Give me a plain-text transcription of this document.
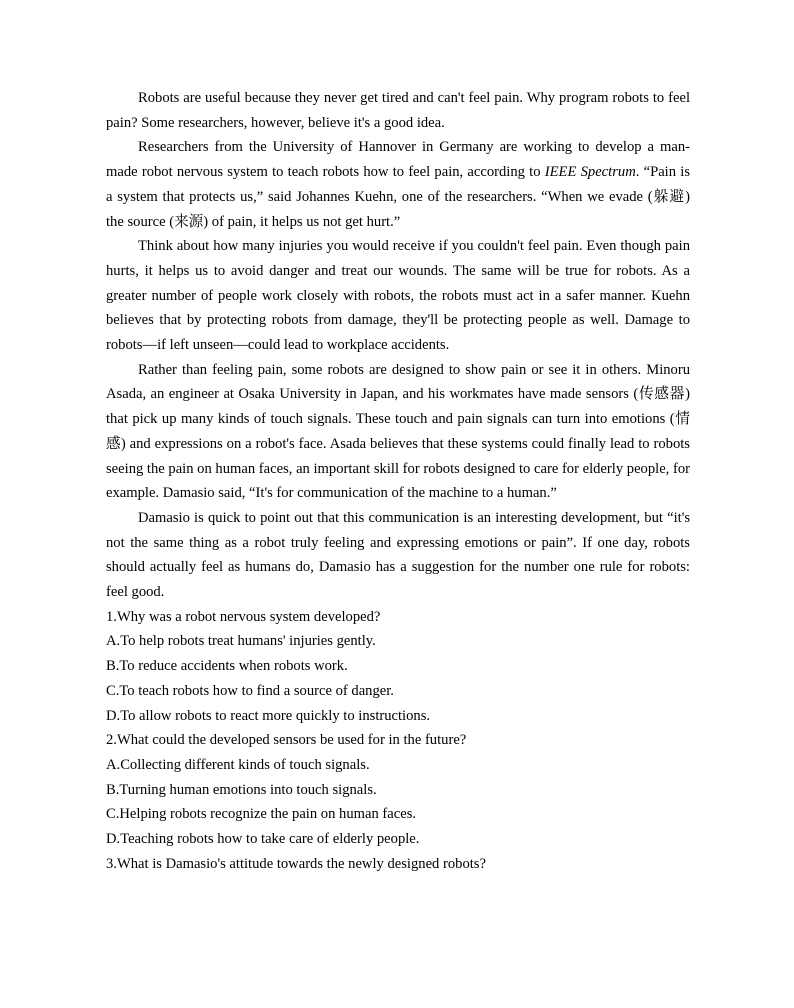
Robots are useful because they never get tired and can't feel pain. Why program robots to feel pain? Some researchers, however, believe it's a good idea.

Researchers from the University of Hannover in Germany are working to develop a man-made robot nervous system to teach robots how to feel pain, according to IEEE Spectrum. “Pain is a system that protects us,” said Johannes Kuehn, one of the researchers. “When we evade (躲避) the source (来源) of pain, it helps us not get hurt.”

Think about how many injuries you would receive if you couldn't feel pain. Even though pain hurts, it helps us to avoid danger and treat our wounds. The same will be true for robots. As a greater number of people work closely with robots, the robots must act in a safer manner. Kuehn believes that by protecting robots from damage, they'll be protecting people as well. Damage to robots—if left unseen—could lead to workplace accidents.

Rather than feeling pain, some robots are designed to show pain or see it in others. Minoru Asada, an engineer at Osaka University in Japan, and his workmates have made sensors (传感器) that pick up many kinds of touch signals. These touch and pain signals can turn into emotions (情感) and expressions on a robot's face. Asada believes that these systems could finally lead to robots seeing the pain on human faces, an important skill for robots designed to care for elderly people, for example. Damasio said, “It's for communication of the machine to a human.”

Damasio is quick to point out that this communication is an interesting development, but “it's not the same thing as a robot truly feeling and expressing emotions or pain”. If one day, robots should actually feel as humans do, Damasio has a suggestion for the number one rule for robots: feel good.

1.Why was a robot nervous system developed?

A.To help robots treat humans' injuries gently.

B.To reduce accidents when robots work.

C.To teach robots how to find a source of danger.

D.To allow robots to react more quickly to instructions.

2.What could the developed sensors be used for in the future?

A.Collecting different kinds of touch signals.

B.Turning human emotions into touch signals.

C.Helping robots recognize the pain on human faces.

D.Teaching robots how to take care of elderly people.

3.What is Damasio's attitude towards the newly designed robots?
